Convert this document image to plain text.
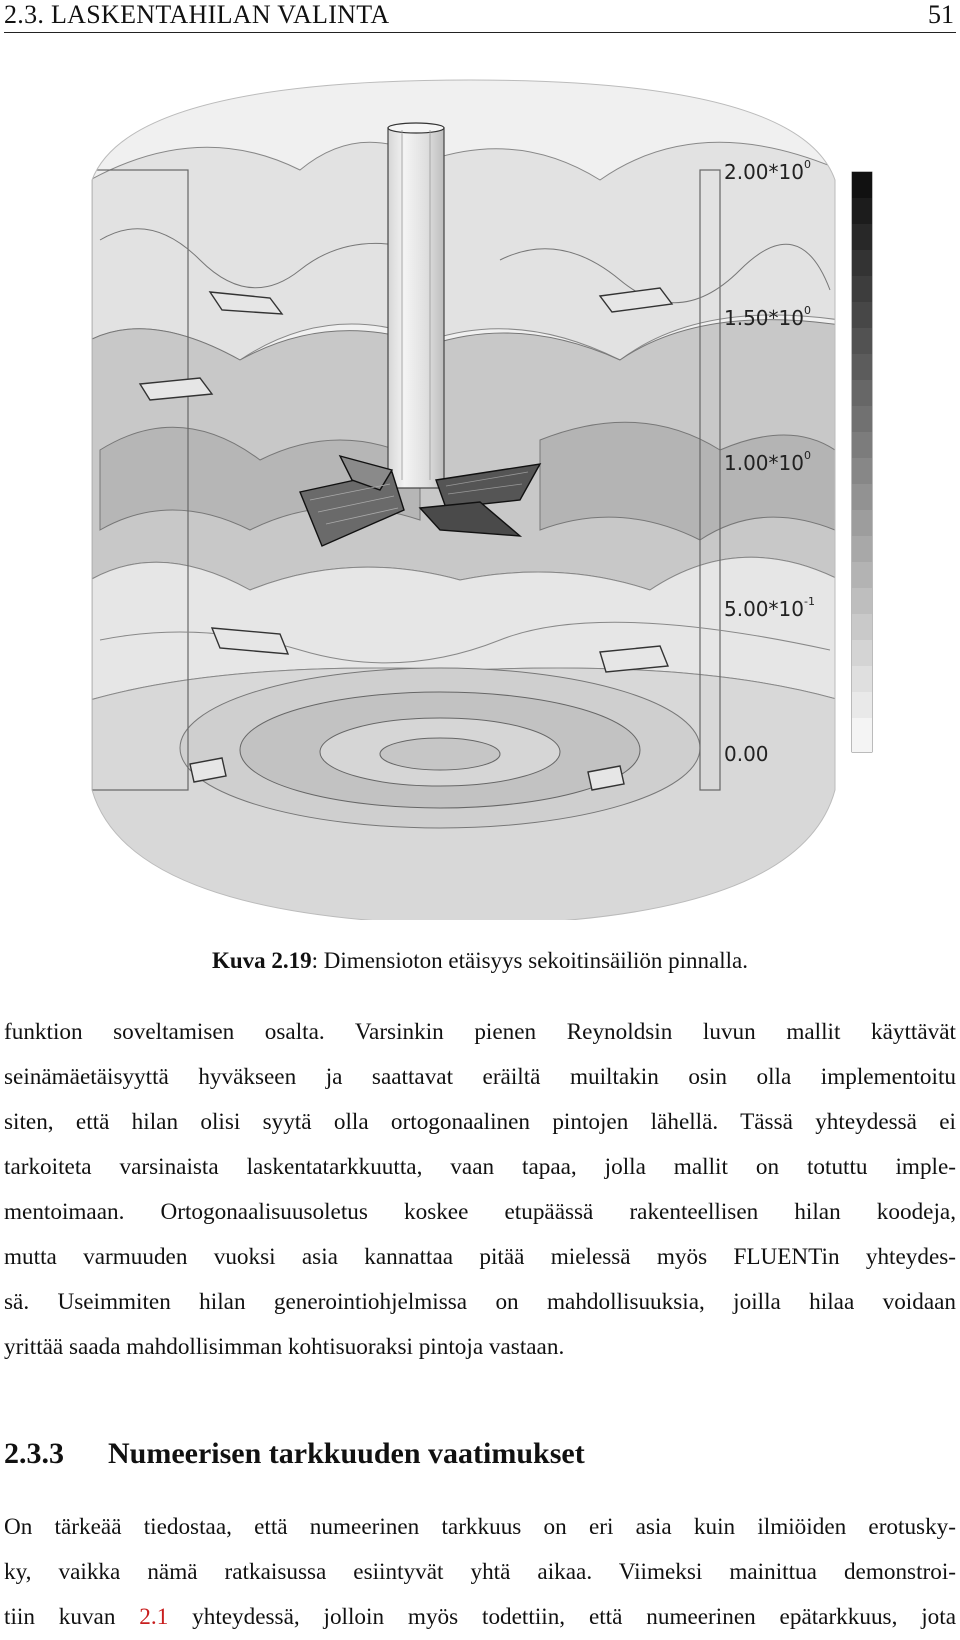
2.3. LASKENTAHILAN VALINTA	51
$2.00*10^0$
$1.50*10^0$
$1.00*10^0$
$5.00*10^{-1}$
0.00
Kuva 2.19: Dimensioton etäisyys sekoitinsäiliön pinnalla.
funktion soveltamisen osalta. Varsinkin pienen Reynoldsin luvun mallit käyttävät
seinämäetäisyyttä hyväkseen ja saattavat eräiltä muiltakin osin olla implementoitu
siten, että hilan olisi syytä olla ortogonaalinen pintojen lähellä. Tässä yhteydessä ei
tarkoiteta varsinaista laskentatarkkuutta, vaan tapaa, jolla mallit on totuttu imple-
mentoimaan. Ortogonaalisuusoletus koskee etupäässä rakenteellisen hilan koodeja,
mutta varmuuden vuoksi asia kannattaa pitää mielessä myös FLUENTin yhteydes-
sä. Useimmiten hilan generointiohjelmissa on mahdollisuuksia, joilla hilaa voidaan
yrittää saada mahdollisimman kohtisuoraksi pintoja vastaan.
2.3.3 Numeerisen tarkkuuden vaatimukset
On tärkeää tiedostaa, että numeerinen tarkkuus on eri asia kuin ilmiöiden erotusky-
ky, vaikka nämä ratkaisussa esiintyvät yhtä aikaa. Viimeksi mainittua demonstroi-
tiin kuvan 2.1 yhteydessä, jolloin myös todettiin, että numeerinen epätarkkuus, jota
